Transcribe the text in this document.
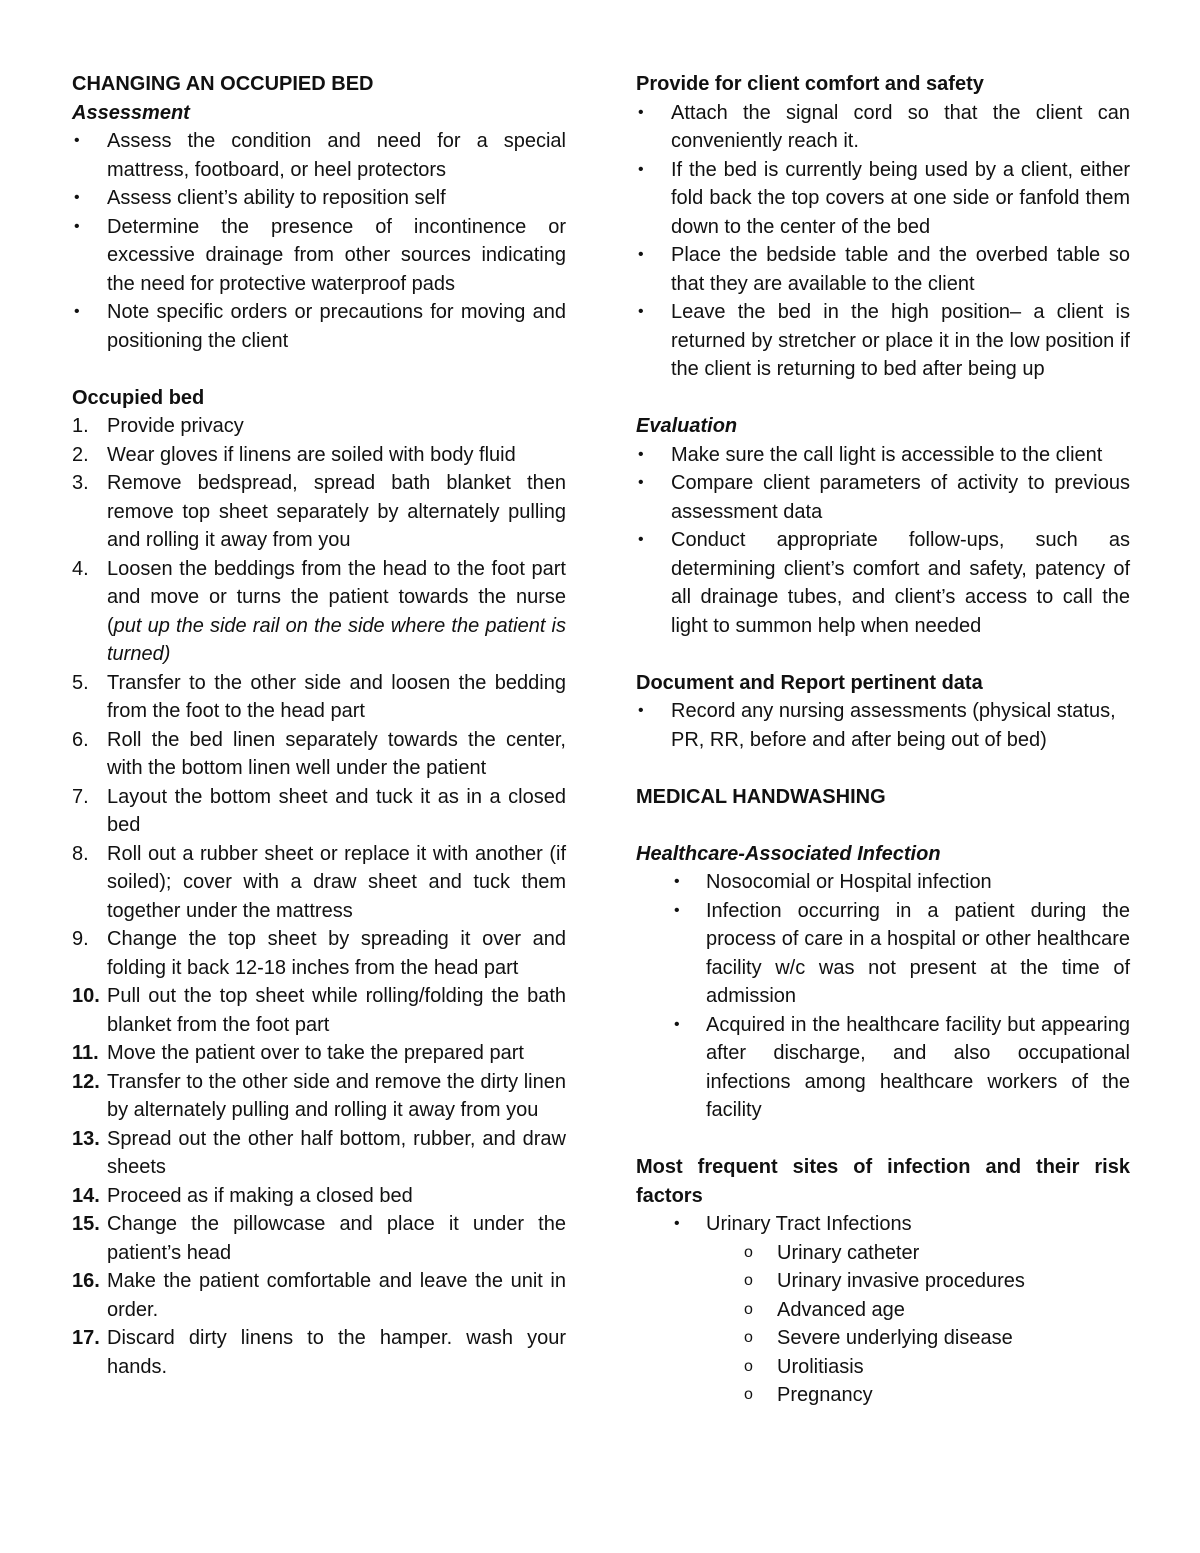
CHANGING AN OCCUPIED BED
Assessment
• Assess the condition and need for a special mattress, footboard, or heel protectors
• Assess client’s ability to reposition self
• Determine the presence of incontinence or excessive drainage from other sources indicating the need for protective waterproof pads
• Note specific orders or precautions for moving and positioning the client
Occupied bed
1. Provide privacy
2. Wear gloves if linens are soiled with body fluid
3. Remove bedspread, spread bath blanket then remove top sheet separately by alternately pulling and rolling it away from you
4. Loosen the beddings from the head to the foot part and move or turns the patient towards the nurse (put up the side rail on the side where the patient is turned)
5. Transfer to the other side and loosen the bedding from the foot to the head part
6. Roll the bed linen separately towards the center, with the bottom linen well under the patient
7. Layout the bottom sheet and tuck it as in a closed bed
8. Roll out a rubber sheet or replace it with another (if soiled); cover with a draw sheet and tuck them together under the mattress
9. Change the top sheet by spreading it over and folding it back 12-18 inches from the head part
10. Pull out the top sheet while rolling/folding the bath blanket from the foot part
11. Move the patient over to take the prepared part
12. Transfer to the other side and remove the dirty linen by alternately pulling and rolling it away from you
13. Spread out the other half bottom, rubber, and draw sheets
14. Proceed as if making a closed bed
15. Change the pillowcase and place it under the patient’s head
16. Make the patient comfortable and leave the unit in order.
17. Discard dirty linens to the hamper. wash your hands.
Provide for client comfort and safety
• Attach the signal cord so that the client can conveniently reach it.
• If the bed is currently being used by a client, either fold back the top covers at one side or fanfold them down to the center of the bed
• Place the bedside table and the overbed table so that they are available to the client
• Leave the bed in the high position– a client is returned by stretcher or place it in the low position if the client is returning to bed after being up
Evaluation
• Make sure the call light is accessible to the client
• Compare client parameters of activity to previous assessment data
• Conduct appropriate follow-ups, such as determining client’s comfort and safety, patency of all drainage tubes, and client’s access to call the light to summon help when needed
Document and Report pertinent data
• Record any nursing assessments (physical status, PR, RR, before and after being out of bed)
MEDICAL HANDWASHING
Healthcare-Associated Infection
• Nosocomial or Hospital infection
• Infection occurring in a patient during the process of care in a hospital or other healthcare facility w/c was not present at the time of admission
• Acquired in the healthcare facility but appearing after discharge, and also occupational infections among healthcare workers of the facility
Most frequent sites of infection and their risk factors
• Urinary Tract Infections
o Urinary catheter
o Urinary invasive procedures
o Advanced age
o Severe underlying disease
o Urolitiasis
o Pregnancy
